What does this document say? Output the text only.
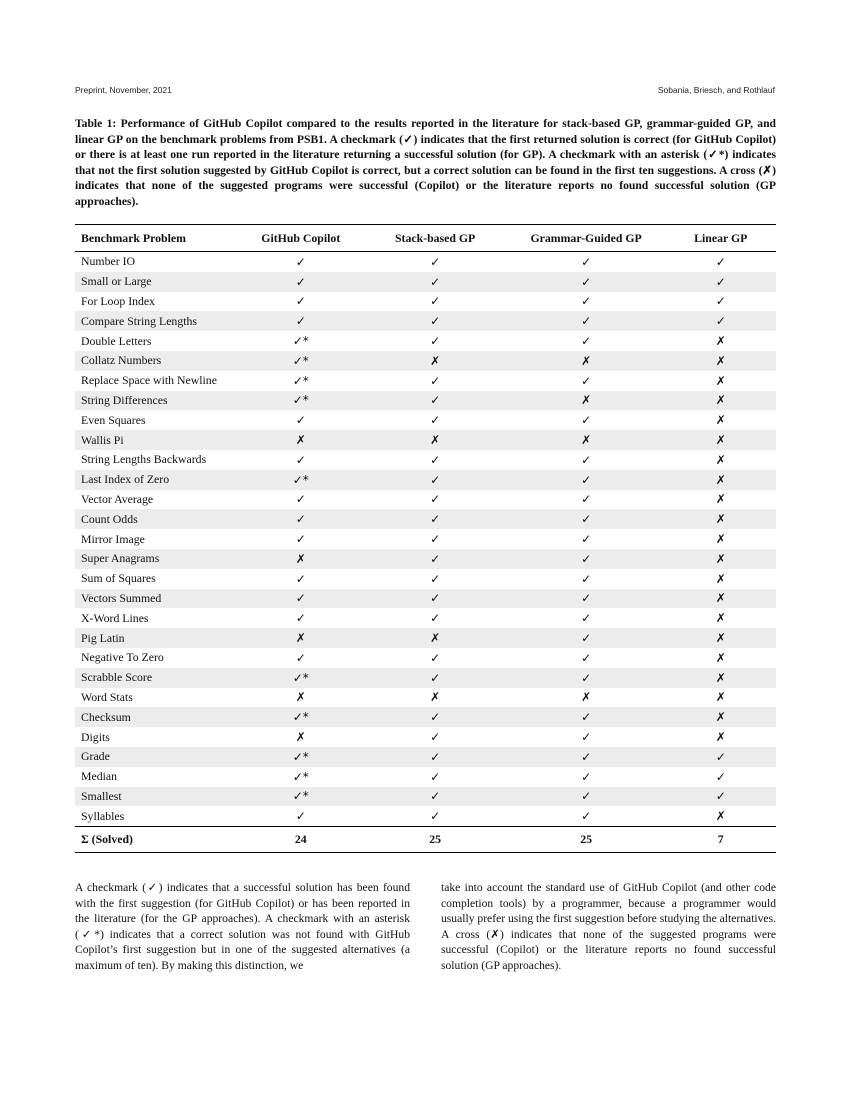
Preprint, November, 2021	Sobania, Briesch, and Rothlauf
Table 1: Performance of GitHub Copilot compared to the results reported in the literature for stack-based GP, grammar-guided GP, and linear GP on the benchmark problems from PSB1. A checkmark (✓) indicates that the first returned solution is correct (for GitHub Copilot) or there is at least one run reported in the literature returning a successful solution (for GP). A checkmark with an asterisk (✓*) indicates that not the first solution suggested by GitHub Copilot is correct, but a correct solution can be found in the first ten suggestions. A cross (✗) indicates that none of the suggested programs were successful (Copilot) or the literature reports no found successful solution (GP approaches).
Benchmark Problem	GitHub Copilot	Stack-based GP	Grammar-Guided GP	Linear GP
Number IO	✓	✓	✓	✓
Small or Large	✓	✓	✓	✓
For Loop Index	✓	✓	✓	✓
Compare String Lengths	✓	✓	✓	✓
Double Letters	✓*	✓	✓	✗
Collatz Numbers	✓*	✗	✗	✗
Replace Space with Newline	✓*	✓	✓	✗
String Differences	✓*	✓	✗	✗
Even Squares	✓	✓	✓	✗
Wallis Pi	✗	✗	✗	✗
String Lengths Backwards	✓	✓	✓	✗
Last Index of Zero	✓*	✓	✓	✗
Vector Average	✓	✓	✓	✗
Count Odds	✓	✓	✓	✗
Mirror Image	✓	✓	✓	✗
Super Anagrams	✗	✓	✓	✗
Sum of Squares	✓	✓	✓	✗
Vectors Summed	✓	✓	✓	✗
X-Word Lines	✓	✓	✓	✗
Pig Latin	✗	✗	✓	✗
Negative To Zero	✓	✓	✓	✗
Scrabble Score	✓*	✓	✓	✗
Word Stats	✗	✗	✗	✗
Checksum	✓*	✓	✓	✗
Digits	✗	✓	✓	✗
Grade	✓*	✓	✓	✓
Median	✓*	✓	✓	✓
Smallest	✓*	✓	✓	✓
Syllables	✓	✓	✓	✗
Σ (Solved)	24	25	25	7
A checkmark (✓) indicates that a successful solution has been found with the first suggestion (for GitHub Copilot) or has been reported in the literature (for the GP approaches). A checkmark with an asterisk (✓*) indicates that a correct solution was not found with GitHub Copilot’s first suggestion but in one of the suggested alternatives (a maximum of ten). By making this distinction, we
take into account the standard use of GitHub Copilot (and other code completion tools) by a programmer, because a programmer would usually prefer using the first suggestion before studying the alternatives. A cross (✗) indicates that none of the suggested programs were successful (Copilot) or the literature reports no found successful solution (GP approaches).
